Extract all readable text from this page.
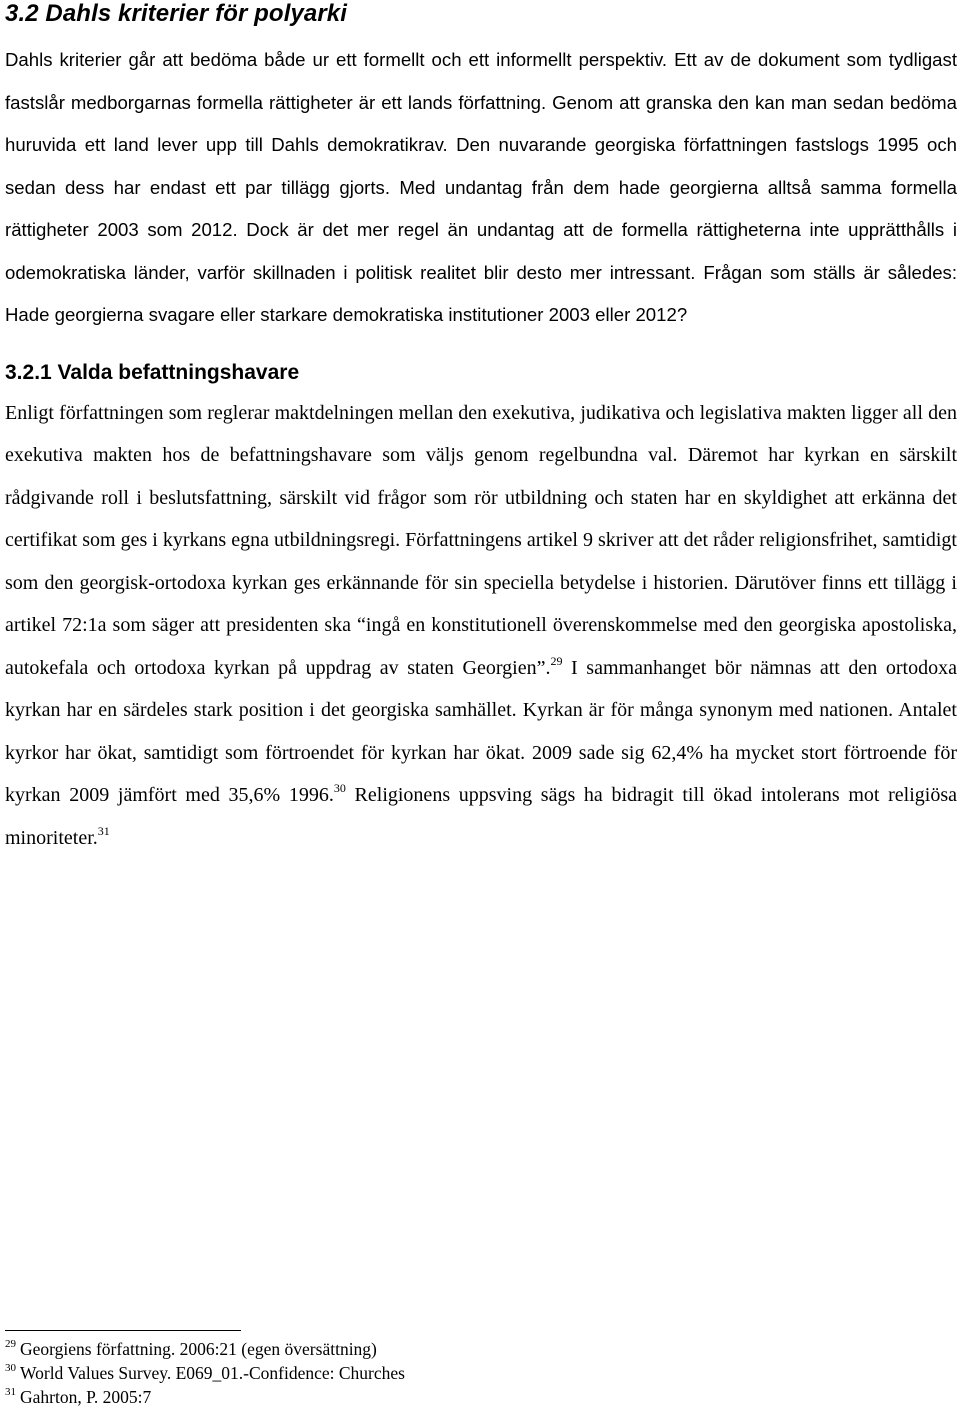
3.2 Dahls kriterier för polyarki

Dahls kriterier går att bedöma både ur ett formellt och ett informellt perspektiv. Ett av de dokument som tydligast fastslår medborgarnas formella rättigheter är ett lands författning. Genom att granska den kan man sedan bedöma huruvida ett land lever upp till Dahls demokratikrav. Den nuvarande georgiska författningen fastslogs 1995 och sedan dess har endast ett par tillägg gjorts. Med undantag från dem hade georgierna alltså samma formella rättigheter 2003 som 2012. Dock är det mer regel än undantag att de formella rättigheterna inte upprätthålls i odemokratiska länder, varför skillnaden i politisk realitet blir desto mer intressant. Frågan som ställs är således: Hade georgierna svagare eller starkare demokratiska institutioner 2003 eller 2012?

3.2.1 Valda befattningshavare

Enligt författningen som reglerar maktdelningen mellan den exekutiva, judikativa och legislativa makten ligger all den exekutiva makten hos de befattningshavare som väljs genom regelbundna val. Däremot har kyrkan en särskilt rådgivande roll i beslutsfattning, särskilt vid frågor som rör utbildning och staten har en skyldighet att erkänna det certifikat som ges i kyrkans egna utbildningsregi. Författningens artikel 9 skriver att det råder religionsfrihet, samtidigt som den georgisk-ortodoxa kyrkan ges erkännande för sin speciella betydelse i historien. Därutöver finns ett tillägg i artikel 72:1a som säger att presidenten ska “ingå en konstitutionell överenskommelse med den georgiska apostoliska, autokefala och ortodoxa kyrkan på uppdrag av staten Georgien”.$^{29}$ I sammanhanget bör nämnas att den ortodoxa kyrkan har en särdeles stark position i det georgiska samhället. Kyrkan är för många synonym med nationen. Antalet kyrkor har ökat, samtidigt som förtroendet för kyrkan har ökat. 2009 sade sig 62,4% ha mycket stort förtroende för kyrkan 2009 jämfört med 35,6% 1996.30 Religionens uppsving sägs ha bidragit till ökad intolerans mot religiösa minoriteter.$^{31}$

$^{29}$ Georgiens författning. 2006:21 (egen översättning)
$^{30}$ World Values Survey. E069_01.-Confidence: Churches
$^{31}$ Gahrton, P. 2005:7
